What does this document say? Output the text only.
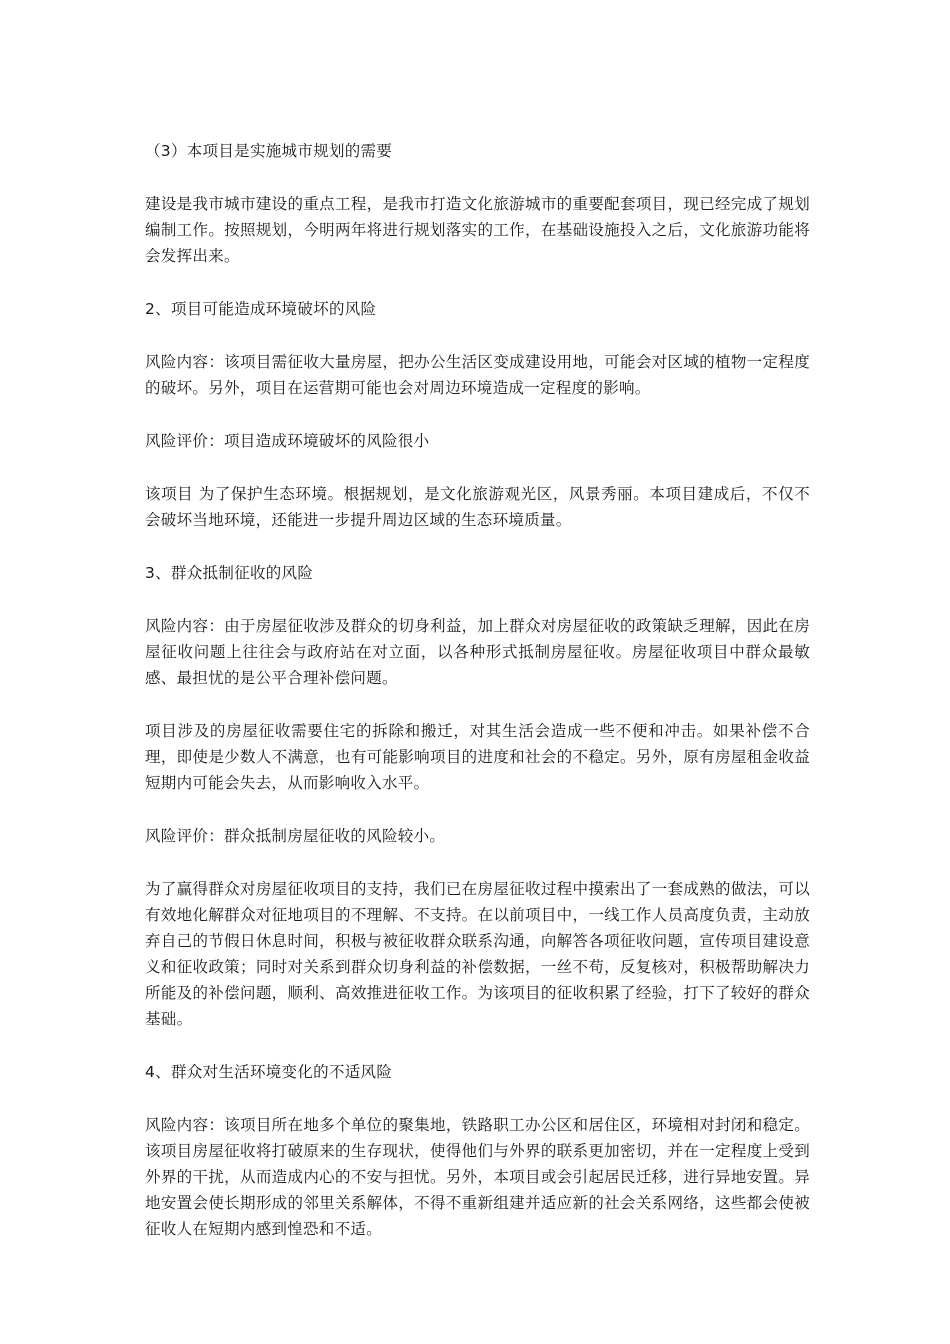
（3）本项目是实施城市规划的需要

建设是我市城市建设的重点工程，是我市打造文化旅游城市的重要配套项目，现已经完成了规划编制工作。按照规划，今明两年将进行规划落实的工作，在基础设施投入之后，文化旅游功能将会发挥出来。

2、项目可能造成环境破坏的风险

风险内容：该项目需征收大量房屋，把办公生活区变成建设用地，可能会对区域的植物一定程度的破坏。另外，项目在运营期可能也会对周边环境造成一定程度的影响。

风险评价：项目造成环境破坏的风险很小

该项目 为了保护生态环境。根据规划，是文化旅游观光区，风景秀丽。本项目建成后，不仅不会破坏当地环境，还能进一步提升周边区域的生态环境质量。

3、群众抵制征收的风险

风险内容：由于房屋征收涉及群众的切身利益，加上群众对房屋征收的政策缺乏理解，因此在房屋征收问题上往往会与政府站在对立面，以各种形式抵制房屋征收。房屋征收项目中群众最敏感、最担忧的是公平合理补偿问题。

项目涉及的房屋征收需要住宅的拆除和搬迁，对其生活会造成一些不便和冲击。如果补偿不合理，即使是少数人不满意，也有可能影响项目的进度和社会的不稳定。另外，原有房屋租金收益短期内可能会失去，从而影响收入水平。

风险评价：群众抵制房屋征收的风险较小。

为了赢得群众对房屋征收项目的支持，我们已在房屋征收过程中摸索出了一套成熟的做法，可以有效地化解群众对征地项目的不理解、不支持。在以前项目中，一线工作人员高度负责，主动放弃自己的节假日休息时间，积极与被征收群众联系沟通，向解答各项征收问题，宣传项目建设意义和征收政策；同时对关系到群众切身利益的补偿数据，一丝不苟，反复核对，积极帮助解决力所能及的补偿问题，顺利、高效推进征收工作。为该项目的征收积累了经验，打下了较好的群众基础。

4、群众对生活环境变化的不适风险

风险内容：该项目所在地多个单位的聚集地，铁路职工办公区和居住区，环境相对封闭和稳定。该项目房屋征收将打破原来的生存现状，使得他们与外界的联系更加密切，并在一定程度上受到外界的干扰，从而造成内心的不安与担忧。另外，本项目或会引起居民迁移，进行异地安置。异地安置会使长期形成的邻里关系解体，不得不重新组建并适应新的社会关系网络，这些都会使被征收人在短期内感到惶恐和不适。
